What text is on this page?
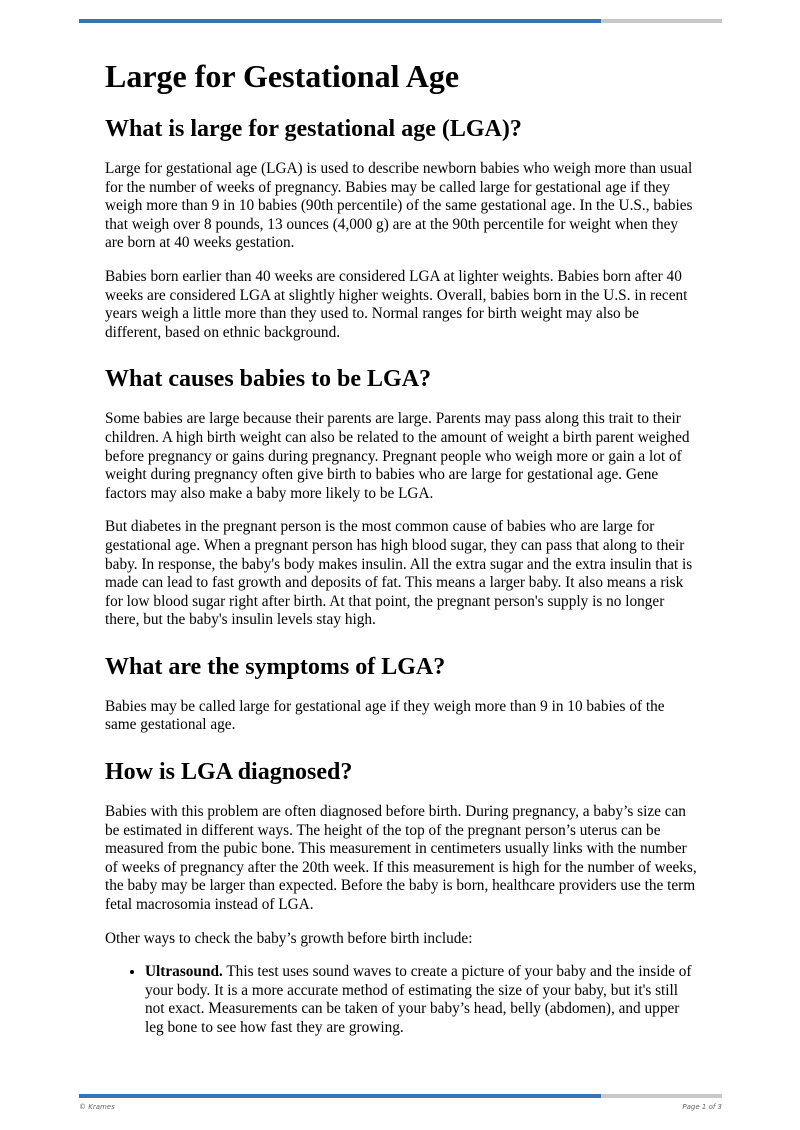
Large for Gestational Age
What is large for gestational age (LGA)?

Large for gestational age (LGA) is used to describe newborn babies who weigh more than usual for the number of weeks of pregnancy. Babies may be called large for gestational age if they weigh more than 9 in 10 babies (90th percentile) of the same gestational age. In the U.S., babies that weigh over 8 pounds, 13 ounces (4,000 g) are at the 90th percentile for weight when they are born at 40 weeks gestation.

Babies born earlier than 40 weeks are considered LGA at lighter weights. Babies born after 40 weeks are considered LGA at slightly higher weights. Overall, babies born in the U.S. in recent years weigh a little more than they used to. Normal ranges for birth weight may also be different, based on ethnic background.

What causes babies to be LGA?

Some babies are large because their parents are large. Parents may pass along this trait to their children. A high birth weight can also be related to the amount of weight a birth parent weighed before pregnancy or gains during pregnancy. Pregnant people who weigh more or gain a lot of weight during pregnancy often give birth to babies who are large for gestational age. Gene factors may also make a baby more likely to be LGA.

But diabetes in the pregnant person is the most common cause of babies who are large for gestational age. When a pregnant person has high blood sugar, they can pass that along to their baby. In response, the baby's body makes insulin. All the extra sugar and the extra insulin that is made can lead to fast growth and deposits of fat. This means a larger baby. It also means a risk for low blood sugar right after birth. At that point, the pregnant person's supply is no longer there, but the baby's insulin levels stay high.

What are the symptoms of LGA?

Babies may be called large for gestational age if they weigh more than 9 in 10 babies of the same gestational age.

How is LGA diagnosed?

Babies with this problem are often diagnosed before birth. During pregnancy, a baby’s size can be estimated in different ways. The height of the top of the pregnant person’s uterus can be measured from the pubic bone. This measurement in centimeters usually links with the number of weeks of pregnancy after the 20th week. If this measurement is high for the number of weeks, the baby may be larger than expected. Before the baby is born, healthcare providers use the term fetal macrosomia instead of LGA.

Other ways to check the baby’s growth before birth include:

• Ultrasound. This test uses sound waves to create a picture of your baby and the inside of your body. It is a more accurate method of estimating the size of your baby, but it's still not exact. Measurements can be taken of your baby’s head, belly (abdomen), and upper leg bone to see how fast they are growing.
© Krames	Page 1 of 3
